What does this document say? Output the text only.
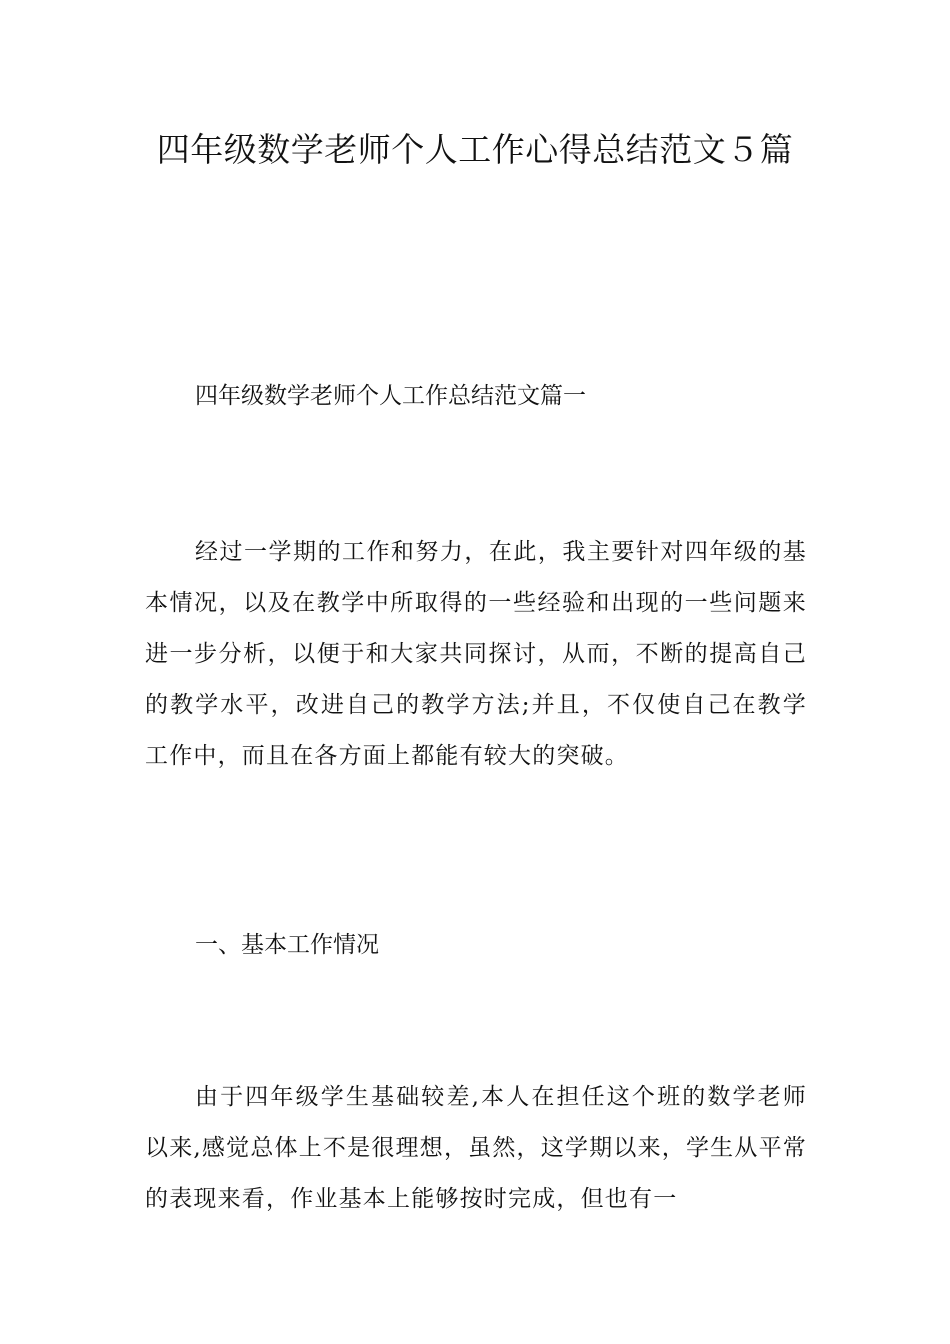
四年级数学老师个人工作心得总结范文５篇

四年级数学老师个人工作总结范文篇一

经过一学期的工作和努力，在此，我主要针对四年级的基本情况，以及在教学中所取得的一些经验和出现的一些问题来进一步分析，以便于和大家共同探讨，从而，不断的提高自己的教学水平，改进自己的教学方法;并且，不仅使自己在教学工作中，而且在各方面上都能有较大的突破。

一、基本工作情况

由于四年级学生基础较差,本人在担任这个班的数学老师以来,感觉总体上不是很理想，虽然，这学期以来，学生从平常的表现来看，作业基本上能够按时完成，但也有一
